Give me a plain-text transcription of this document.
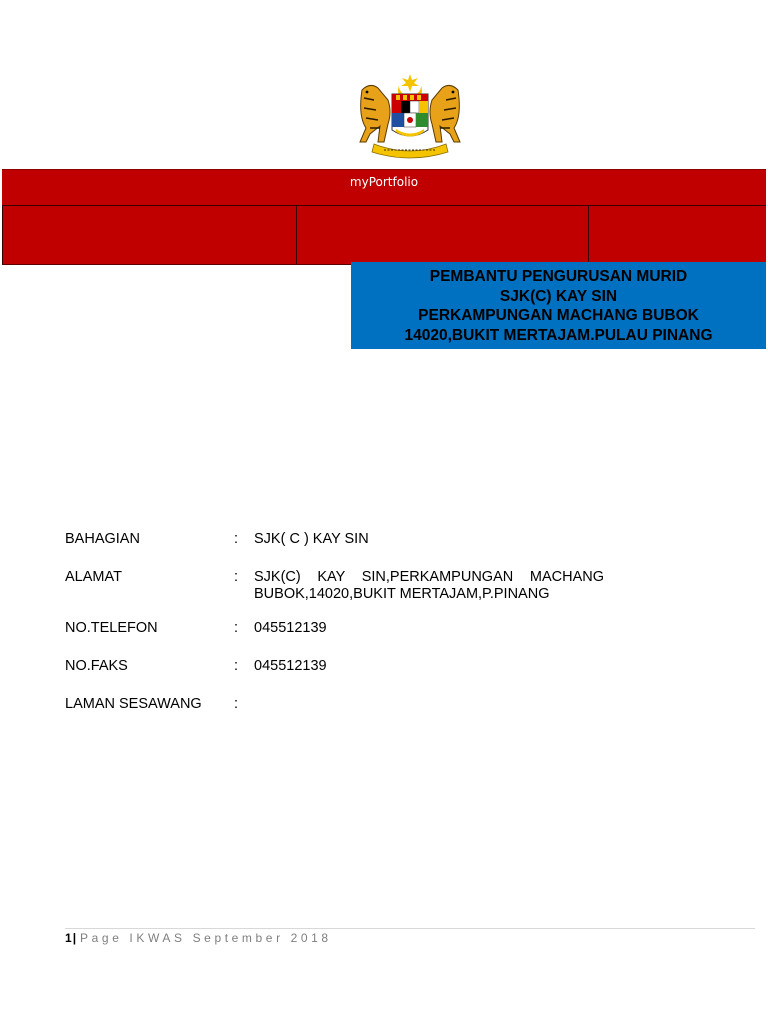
myPortfolio
PEMBANTU PENGURUSAN MURID
SJK(C) KAY SIN
PERKAMPUNGAN MACHANG BUBOK
14020,BUKIT MERTAJAM.PULAU PINANG
BAHAGIAN	: SJK( C ) KAY SIN
ALAMAT	: SJK(C) KAY SIN,PERKAMPUNGAN MACHANG
BUBOK,14020,BUKIT MERTAJAM,P.PINANG
NO.TELEFON	: 045512139
NO.FAKS	: 045512139
LAMAN SESAWANG :
1| Page IKWAS September 2018
